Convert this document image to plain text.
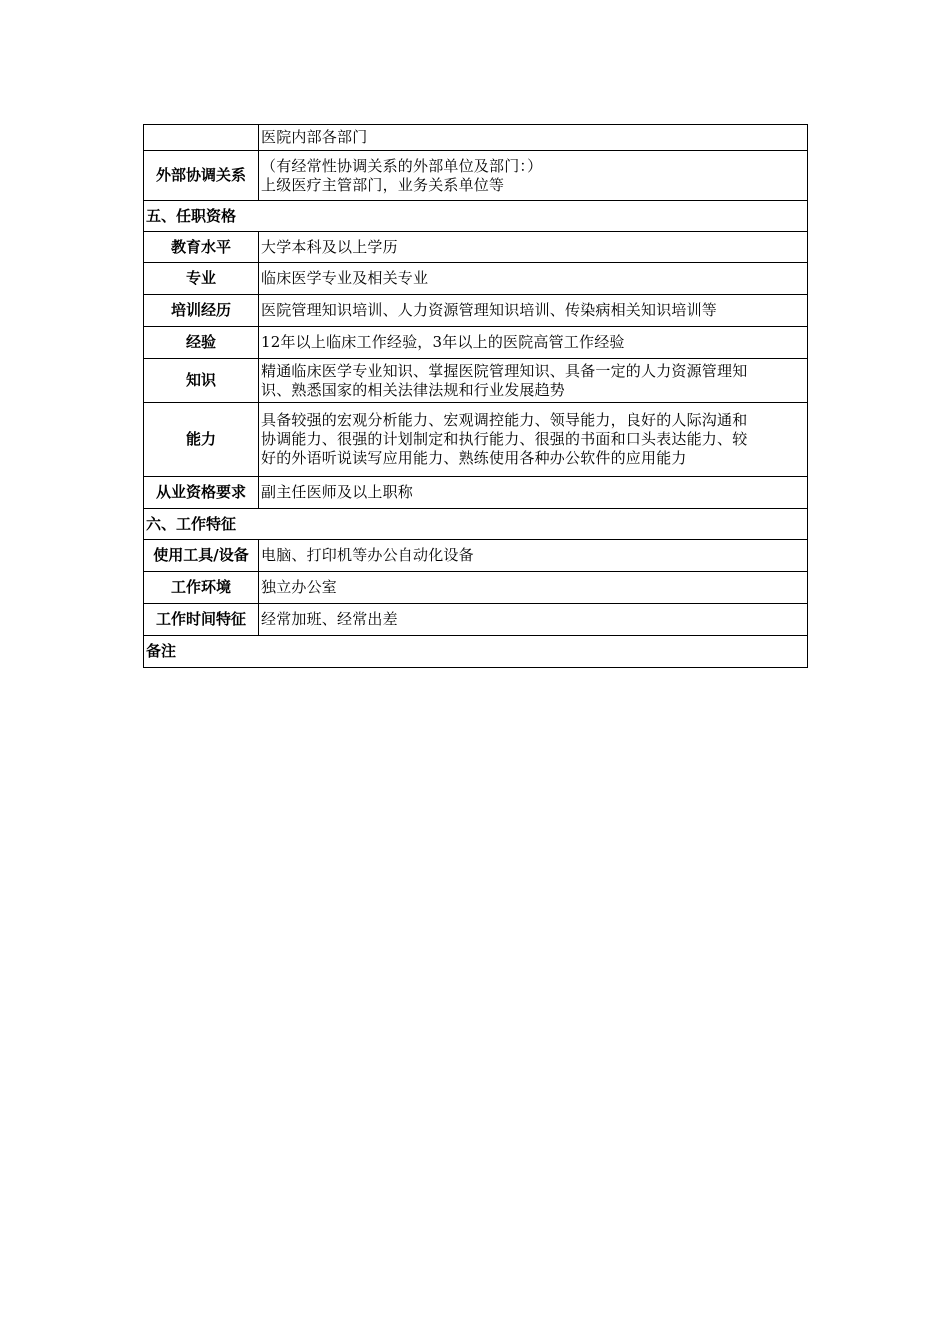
	医院内部各部门
外部协调关系	（有经常性协调关系的外部单位及部门：）
上级医疗主管部门，业务关系单位等

五、任职资格	
教育水平	大学本科及以上学历
专业	临床医学专业及相关专业
培训经历	医院管理知识培训、人力资源管理知识培训、传染病相关知识培训等
经验	12年以上临床工作经验，3年以上的医院高管工作经验
知识	精通临床医学专业知识、掌握医院管理知识、具备一定的人力资源管理知
识、熟悉国家的相关法律法规和行业发展趋势

能力	具备较强的宏观分析能力、宏观调控能力、领导能力，良好的人际沟通和
协调能力、很强的计划制定和执行能力、很强的书面和口头表达能力、较
好的外语听说读写应用能力、熟练使用各种办公软件的应用能力

从业资格要求	副主任医师及以上职称
六、工作特征	
使用工具/设备	电脑、打印机等办公自动化设备
工作环境	独立办公室
工作时间特征	经常加班、经常出差
备注	
